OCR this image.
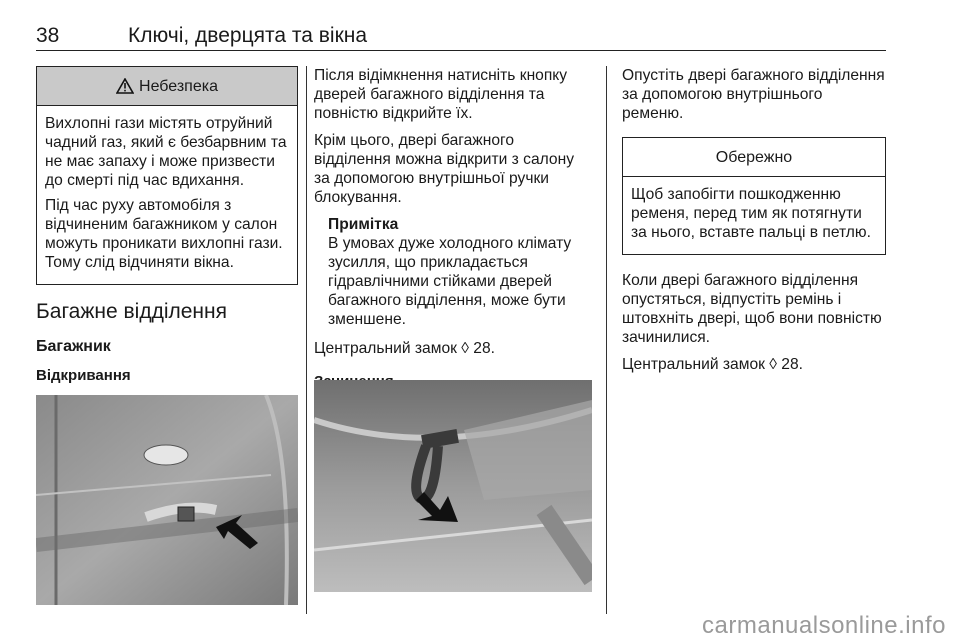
38	Ключі, дверцята та вікна
Небезпека

Вихлопні гази містять отруйний чадний газ, який є безбарвним та не має запаху і може призвести до смерті під час вдихання.

Під час руху автомобіля з відчиненим багажником у салон можуть проникати вихлопні гази. Тому слід відчиняти вікна.

Багажне відділення
Багажник
Відкривання

Після відімкнення натисніть кнопку дверей багажного відділення та повністю відкрийте їх.

Крім цього, двері багажного відділення можна відкрити з салону за допомогою внутрішньої ручки блокування.

Примітка
В умовах дуже холодного клімату зусилля, що прикладається гідравлічними стійками дверей багажного відділення, може бути зменшене.

Центральний замок ◊ 28.

Опустіть двері багажного відділення за допомогою внутрішнього ременю.

Обережно

Щоб запобігти пошкодженню ременя, перед тим як потягнути за нього, вставте пальці в петлю.

Коли двері багажного відділення опустяться, відпустіть ремінь і штовхніть двері, щоб вони повністю зачинилися.

Центральний замок ◊ 28.

carmanualsonline.info
